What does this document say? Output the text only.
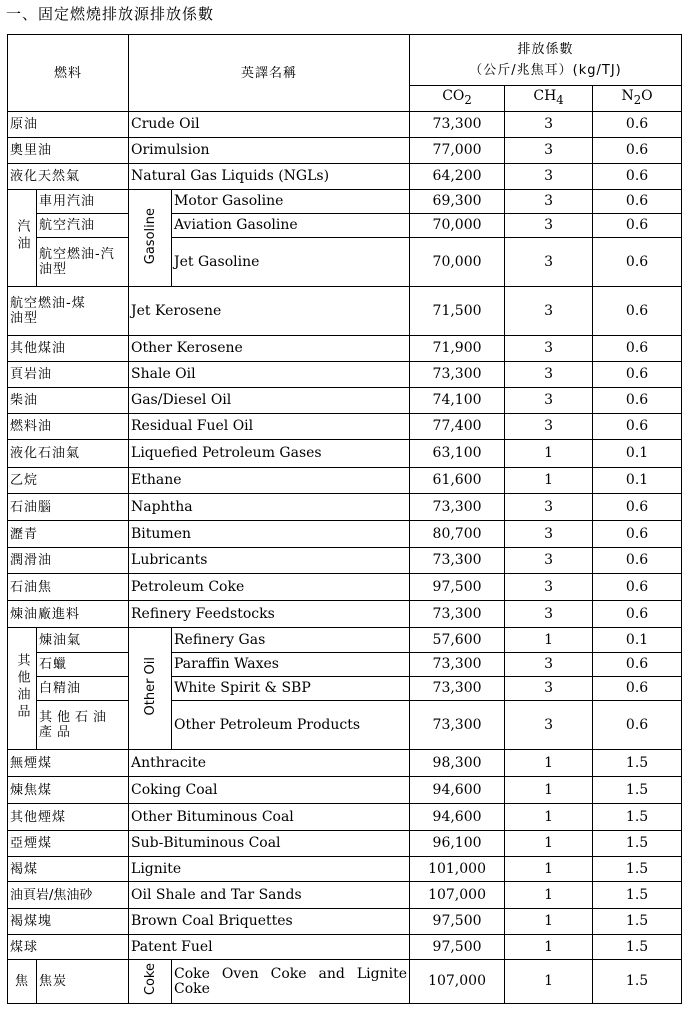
一、固定燃燒排放源排放係數
燃料		英譯名稱		排放係數
（公斤/兆焦耳）(kg/TJ)		

				$CO_2$	$CH_4$	$N_2O$
原油		Crude Oil		73,300	3	0.6
奧里油		Orimulsion		77,000	3	0.6
液化天然氣		Natural Gas Liquids (NGLs)		64,200	3	0.6
汽油	車用汽油	Gasoline	Motor Gasoline	69,300	3	0.6
	航空汽油		Aviation Gasoline	70,000	3	0.6
	航空燃油-汽油型		Jet Gasoline	70,000	3	0.6
航空燃油-煤油型		Jet Kerosene		71,500	3	0.6
其他煤油		Other Kerosene		71,900	3	0.6
頁岩油		Shale Oil		73,300	3	0.6
柴油		Gas/Diesel Oil		74,100	3	0.6
燃料油		Residual Fuel Oil		77,400	3	0.6
液化石油氣		Liquefied Petroleum Gases		63,100	1	0.1
乙烷		Ethane		61,600	1	0.1
石油腦		Naphtha		73,300	3	0.6
瀝青		Bitumen		80,700	3	0.6
潤滑油		Lubricants		73,300	3	0.6
石油焦		Petroleum Coke		97,500	3	0.6
煉油廠進料		Refinery Feedstocks		73,300	3	0.6
其他油品	煉油氣	Other Oil	Refinery Gas	57,600	1	0.1
	石蠟		Paraffin Waxes	73,300	3	0.6
	白精油		White Spirit & SBP	73,300	3	0.6
	其他石油產品		Other Petroleum Products	73,300	3	0.6
無煙煤		Anthracite		98,300	1	1.5
煉焦煤		Coking Coal		94,600	1	1.5
其他煙煤		Other Bituminous Coal		94,600	1	1.5
亞煙煤		Sub-Bituminous Coal		96,100	1	1.5
褐煤		Lignite		101,000	1	1.5
油頁岩/焦油砂		Oil Shale and Tar Sands		107,000	1	1.5
褐煤塊		Brown Coal Briquettes		97,500	1	1.5
煤球		Patent Fuel		97,500	1	1.5
焦	焦炭	Coke	Coke Oven Coke and Lignite Coke	107,000	1	1.5
